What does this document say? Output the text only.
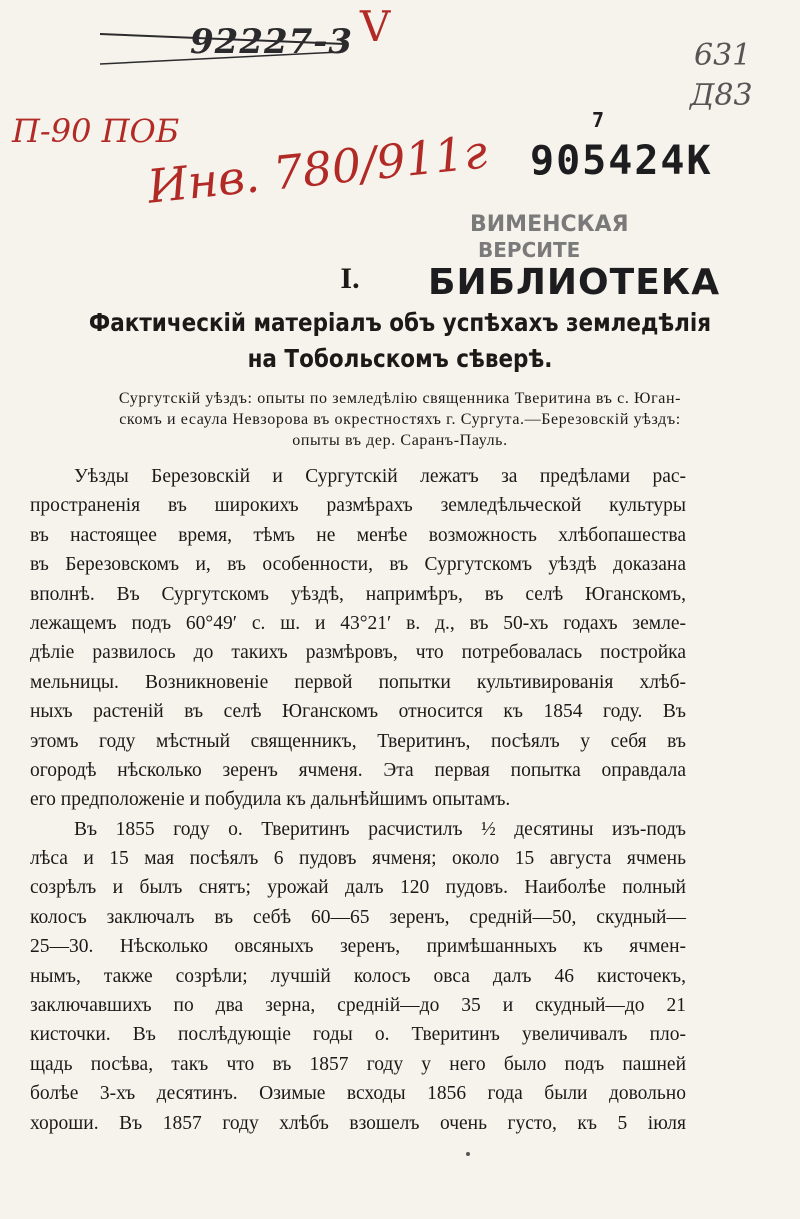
92227-3 V
631
Д83
П-90 ПОБ
Инв. 780/911г
7
905424К
ВИМЕНСКАЯ
ВЕРСИТЕ
БИБЛИОТЕКА
I.
Фактическій матеріалъ объ успѣхахъ земледѣлія
на Тобольскомъ сѣверѣ.
Сургутскій уѣздъ: опыты по земледѣлію священника Тверитина въ с. Юган-
скомъ и есаула Невзорова въ окрестностяхъ г. Сургута.—Березовскій уѣздъ:
опыты въ дер. Саранъ-Пауль.
Уѣзды Березовскій и Сургутскій лежатъ за предѣлами рас-
пространенія въ широкихъ размѣрахъ земледѣльческой культуры
въ настоящее время, тѣмъ не менѣе возможность хлѣбопашества
въ Березовскомъ и, въ особенности, въ Сургутскомъ уѣздѣ доказана
вполнѣ. Въ Сургутскомъ уѣздѣ, напримѣръ, въ селѣ Юганскомъ,
лежащемъ подъ 60°49′ с. ш. и 43°21′ в. д., въ 50-хъ годахъ земле-
дѣліе развилось до такихъ размѣровъ, что потребовалась постройка
мельницы. Возникновеніе первой попытки культивированія хлѣб-
ныхъ растеній въ селѣ Юганскомъ относится къ 1854 году. Въ
этомъ году мѣстный священникъ, Тверитинъ, посѣялъ у себя въ
огородѣ нѣсколько зеренъ ячменя. Эта первая попытка оправдала
его предположеніе и побудила къ дальнѣйшимъ опытамъ.
Въ 1855 году о. Тверитинъ расчистилъ ½ десятины изъ-подъ
лѣса и 15 мая посѣялъ 6 пудовъ ячменя; около 15 августа ячмень
созрѣлъ и былъ снятъ; урожай далъ 120 пудовъ. Наиболѣе полный
колосъ заключалъ въ себѣ 60—65 зеренъ, средній—50, скудный—
25—30. Нѣсколько овсяныхъ зеренъ, примѣшанныхъ къ ячмен-
нымъ, также созрѣли; лучшій колосъ овса далъ 46 кисточекъ,
заключавшихъ по два зерна, средній—до 35 и скудный—до 21
кисточки. Въ послѣдующіе годы о. Тверитинъ увеличивалъ пло-
щадь посѣва, такъ что въ 1857 году у него было подъ пашней
болѣе 3-хъ десятинъ. Озимые всходы 1856 года были довольно
хороши. Въ 1857 году хлѣбъ взошелъ очень густо, къ 5 іюля
